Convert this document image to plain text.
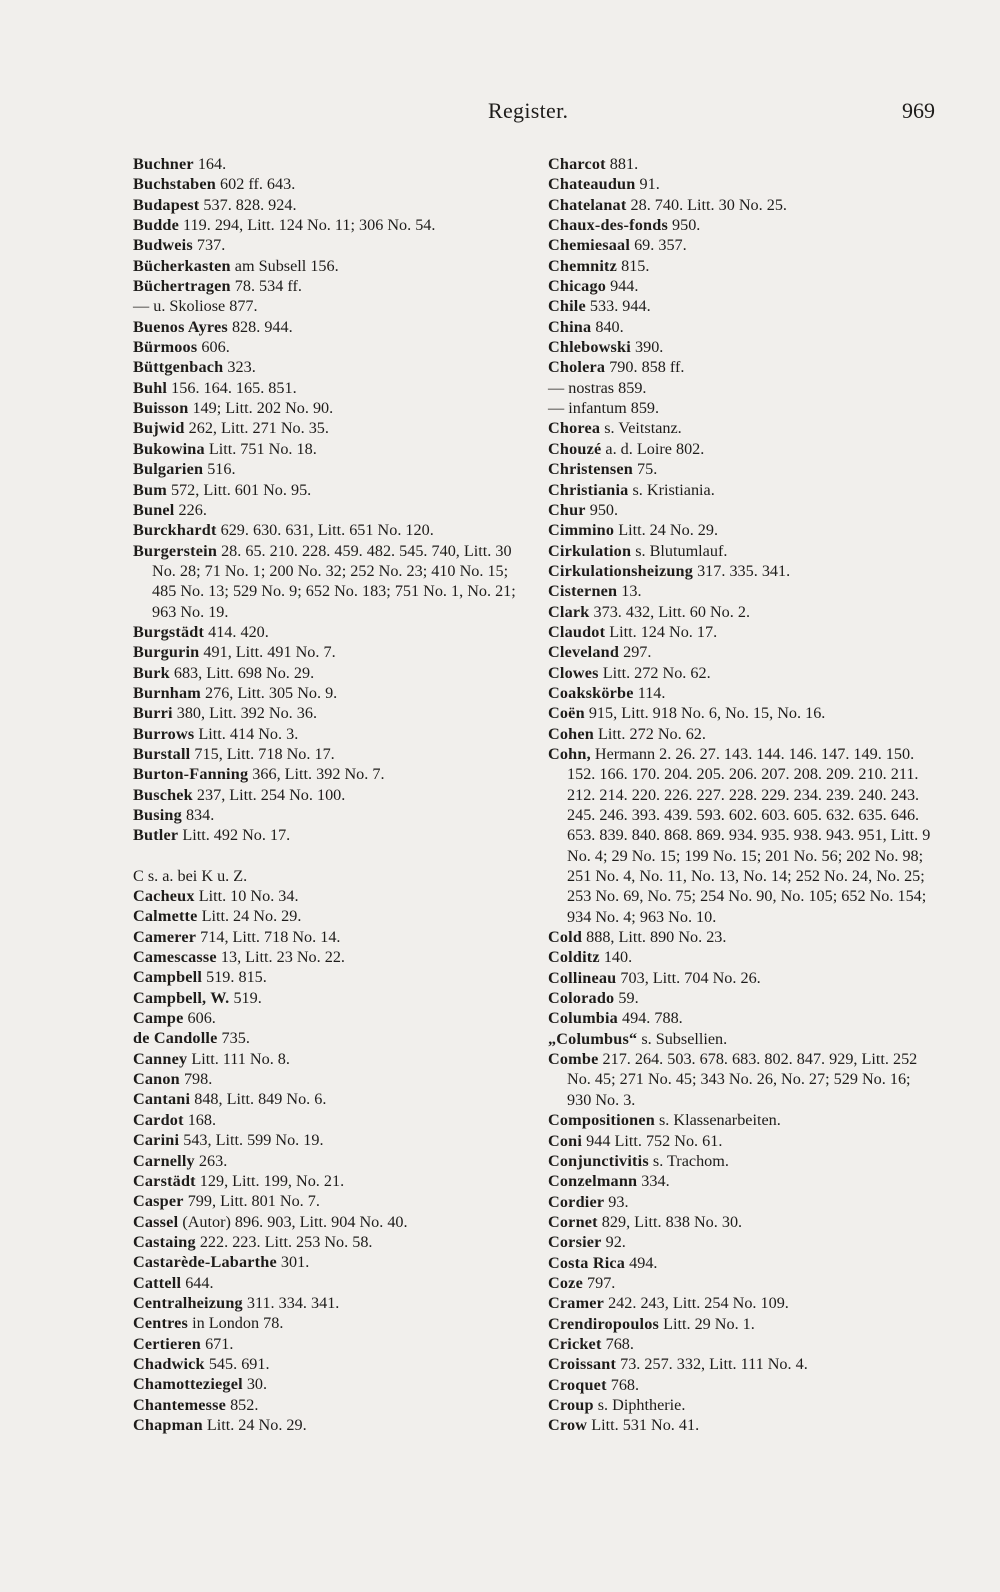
Register.	969
Buchner 164.
Buchstaben 602 ff. 643.
Budapest 537. 828. 924.
Budde 119. 294, Litt. 124 No. 11; 306 No. 54.
Budweis 737.
Bücherkasten am Subsell 156.
Büchertragen 78. 534 ff.
— u. Skoliose 877.
Buenos Ayres 828. 944.
Bürmoos 606.
Büttgenbach 323.
Buhl 156. 164. 165. 851.
Buisson 149; Litt. 202 No. 90.
Bujwid 262, Litt. 271 No. 35.
Bukowina Litt. 751 No. 18.
Bulgarien 516.
Bum 572, Litt. 601 No. 95.
Bunel 226.
Burckhardt 629. 630. 631, Litt. 651 No. 120.
Burgerstein 28. 65. 210. 228. 459. 482. 545. 740, Litt. 30 No. 28; 71 No. 1; 200 No. 32; 252 No. 23; 410 No. 15; 485 No. 13; 529 No. 9; 652 No. 183; 751 No. 1, No. 21; 963 No. 19.
Burgstädt 414. 420.
Burgurin 491, Litt. 491 No. 7.
Burk 683, Litt. 698 No. 29.
Burnham 276, Litt. 305 No. 9.
Burri 380, Litt. 392 No. 36.
Burrows Litt. 414 No. 3.
Burstall 715, Litt. 718 No. 17.
Burton-Fanning 366, Litt. 392 No. 7.
Buschek 237, Litt. 254 No. 100.
Busing 834.
Butler Litt. 492 No. 17.
C s. a. bei K u. Z.
Cacheux Litt. 10 No. 34.
Calmette Litt. 24 No. 29.
Camerer 714, Litt. 718 No. 14.
Camescasse 13, Litt. 23 No. 22.
Campbell 519. 815.
Campbell, W. 519.
Campe 606.
de Candolle 735.
Canney Litt. 111 No. 8.
Canon 798.
Cantani 848, Litt. 849 No. 6.
Cardot 168.
Carini 543, Litt. 599 No. 19.
Carnelly 263.
Carstädt 129, Litt. 199, No. 21.
Casper 799, Litt. 801 No. 7.
Cassel (Autor) 896. 903, Litt. 904 No. 40.
Castaing 222. 223. Litt. 253 No. 58.
Castarède-Labarthe 301.
Cattell 644.
Centralheizung 311. 334. 341.
Centres in London 78.
Certieren 671.
Chadwick 545. 691.
Chamotteziegel 30.
Chantemesse 852.
Chapman Litt. 24 No. 29.
Charcot 881.
Chateaudun 91.
Chatelanat 28. 740. Litt. 30 No. 25.
Chaux-des-fonds 950.
Chemiesaal 69. 357.
Chemnitz 815.
Chicago 944.
Chile 533. 944.
China 840.
Chlebowski 390.
Cholera 790. 858 ff.
— nostras 859.
— infantum 859.
Chorea s. Veitstanz.
Chouzé a. d. Loire 802.
Christensen 75.
Christiania s. Kristiania.
Chur 950.
Cimmino Litt. 24 No. 29.
Cirkulation s. Blutumlauf.
Cirkulationsheizung 317. 335. 341.
Cisternen 13.
Clark 373. 432, Litt. 60 No. 2.
Claudot Litt. 124 No. 17.
Cleveland 297.
Clowes Litt. 272 No. 62.
Coakskörbe 114.
Coën 915, Litt. 918 No. 6, No. 15, No. 16.
Cohen Litt. 272 No. 62.
Cohn, Hermann 2. 26. 27. 143. 144. 146. 147. 149. 150. 152. 166. 170. 204. 205. 206. 207. 208. 209. 210. 211. 212. 214. 220. 226. 227. 228. 229. 234. 239. 240. 243. 245. 246. 393. 439. 593. 602. 603. 605. 632. 635. 646. 653. 839. 840. 868. 869. 934. 935. 938. 943. 951, Litt. 9 No. 4; 29 No. 15; 199 No. 15; 201 No. 56; 202 No. 98; 251 No. 4, No. 11, No. 13, No. 14; 252 No. 24, No. 25; 253 No. 69, No. 75; 254 No. 90, No. 105; 652 No. 154; 934 No. 4; 963 No. 10.
Cold 888, Litt. 890 No. 23.
Colditz 140.
Collineau 703, Litt. 704 No. 26.
Colorado 59.
Columbia 494. 788.
„Columbus“ s. Subsellien.
Combe 217. 264. 503. 678. 683. 802. 847. 929, Litt. 252 No. 45; 271 No. 45; 343 No. 26, No. 27; 529 No. 16; 930 No. 3.
Compositionen s. Klassenarbeiten.
Coni 944 Litt. 752 No. 61.
Conjunctivitis s. Trachom.
Conzelmann 334.
Cordier 93.
Cornet 829, Litt. 838 No. 30.
Corsier 92.
Costa Rica 494.
Coze 797.
Cramer 242. 243, Litt. 254 No. 109.
Crendiropoulos Litt. 29 No. 1.
Cricket 768.
Croissant 73. 257. 332, Litt. 111 No. 4.
Croquet 768.
Croup s. Diphtherie.
Crow Litt. 531 No. 41.
